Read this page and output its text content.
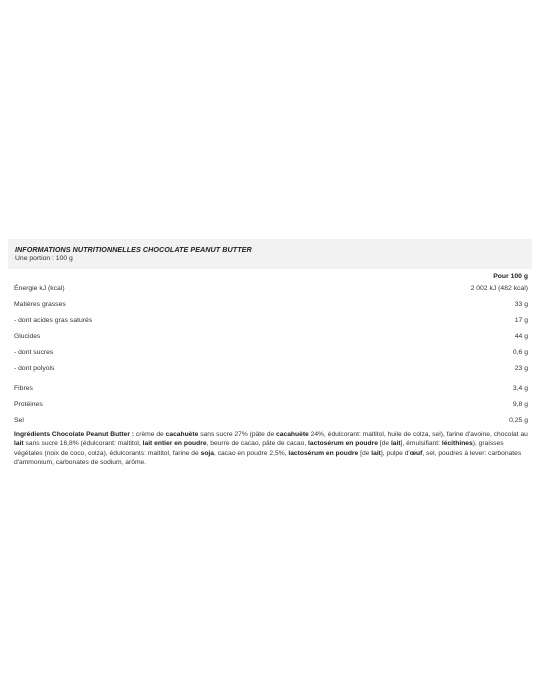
INFORMATIONS NUTRITIONNELLES CHOCOLATE PEANUT BUTTER
Une portion : 100 g
Pour 100 g
Énergie kJ (kcal)	2 002 kJ (482 kcal)
Matières grasses	33 g
- dont acides gras saturés	17 g
Glucides	44 g
- dont sucres	0,6 g
- dont polyols	23 g
Fibres	3,4 g
Protéines	9,8 g
Sel	0,25 g
Ingrédients Chocolate Peanut Butter : crème de cacahuète sans sucre 27% (pâte de cacahuète 24%, édulcorant: maltitol, huile de colza, sel), farine d'avoine, chocolat au lait sans sucre 16,8% (édulcorant: maltitol, lait entier en poudre, beurre de cacao, pâte de cacao, lactosérum en poudre [de lait], émulsifiant: lécithines), graisses végétales (noix de coco, colza), édulcorants: maltitol, farine de soja, cacao en poudre 2,5%, lactosérum en poudre [de lait], pulpe d'œuf, sel, poudres à lever: carbonates d'ammonium, carbonates de sodium, arôme.
